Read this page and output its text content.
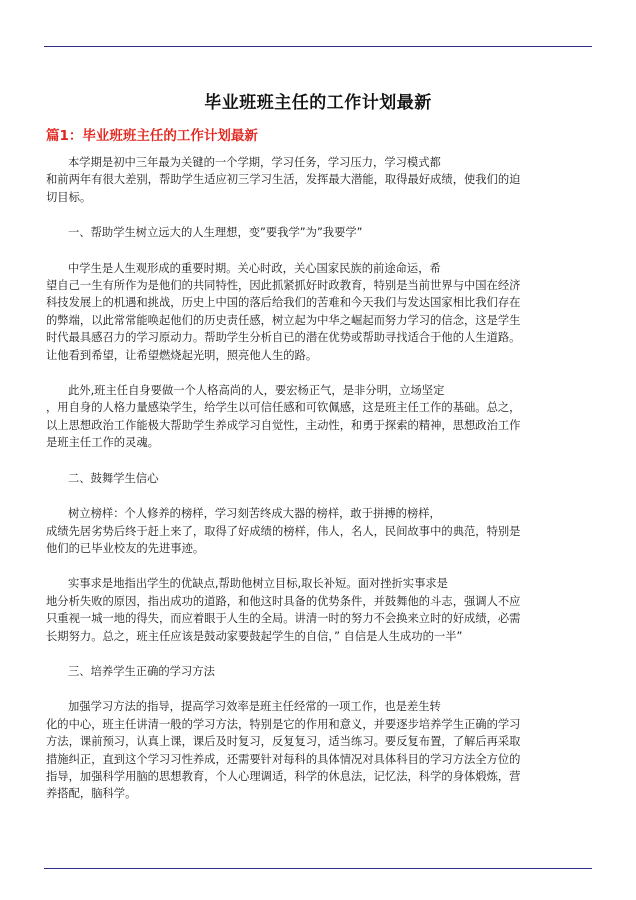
毕业班班主任的工作计划最新
篇1：毕业班班主任的工作计划最新

本学期是初中三年最为关键的一个学期，学习任务，学习压力，学习模式都
和前两年有很大差别，帮助学生适应初三学习生活，发挥最大潜能，取得最好成绩，使我们的迫
切目标。

一、帮助学生树立远大的人生理想，变”要我学”为”我要学”

中学生是人生观形成的重要时期。关心时政，关心国家民族的前途命运，希
望自己一生有所作为是他们的共同特性，因此抓紧抓好时政教育，特别是当前世界与中国在经济
科技发展上的机遇和挑战，历史上中国的落后给我们的苦难和今天我们与发达国家相比我们存在
的弊端，以此常常能唤起他们的历史责任感，树立起为中华之崛起而努力学习的信念，这是学生
时代最具感召力的学习原动力。帮助学生分析自已的潜在优势或帮助寻找适合于他的人生道路。
让他看到希望，让希望燃烧起光明，照亮他人生的路。

此外,班主任自身要做一个人格高尚的人，要宏杨正气，是非分明，立场坚定
，用自身的人格力量感染学生，给学生以可信任感和可钦佩感，这是班主任工作的基础。总之，
以上思想政治工作能极大帮助学生养成学习自觉性，主动性，和勇于探索的精神，思想政治工作
是班主任工作的灵魂。

二、鼓舞学生信心

树立榜样：个人修养的榜样，学习刻苦终成大器的榜样，敢于拼搏的榜样，
成绩先居劣势后终于赶上来了，取得了好成绩的榜样，伟人，名人，民间故事中的典范，特别是
他们的已毕业校友的先进事迹。

实事求是地指出学生的优缺点,帮助他树立目标,取长补短。面对挫折实事求是
地分析失败的原因，指出成功的道路，和他这时具备的优势条件，并鼓舞他的斗志，强调人不应
只重视一城一地的得失，而应着眼于人生的全局。讲清一时的努力不会换来立时的好成绩，必需
长期努力。总之，班主任应该是鼓动家要鼓起学生的自信，” 自信是人生成功的一半”

三、培养学生正确的学习方法

加强学习方法的指导，提高学习效率是班主任经常的一项工作，也是差生转
化的中心，班主任讲清一般的学习方法，特别是它的作用和意义，并要逐步培养学生正确的学习
方法，课前预习，认真上课，课后及时复习，反复复习，适当练习。要反复布置，了解后再采取
措施纠正，直到这个学习习性养成，还需要针对每科的具体情况对具体科目的学习方法全方位的
指导，加强科学用脑的思想教育，个人心理调适，科学的休息法，记忆法，科学的身体煅炼，营
养搭配，脑科学。
